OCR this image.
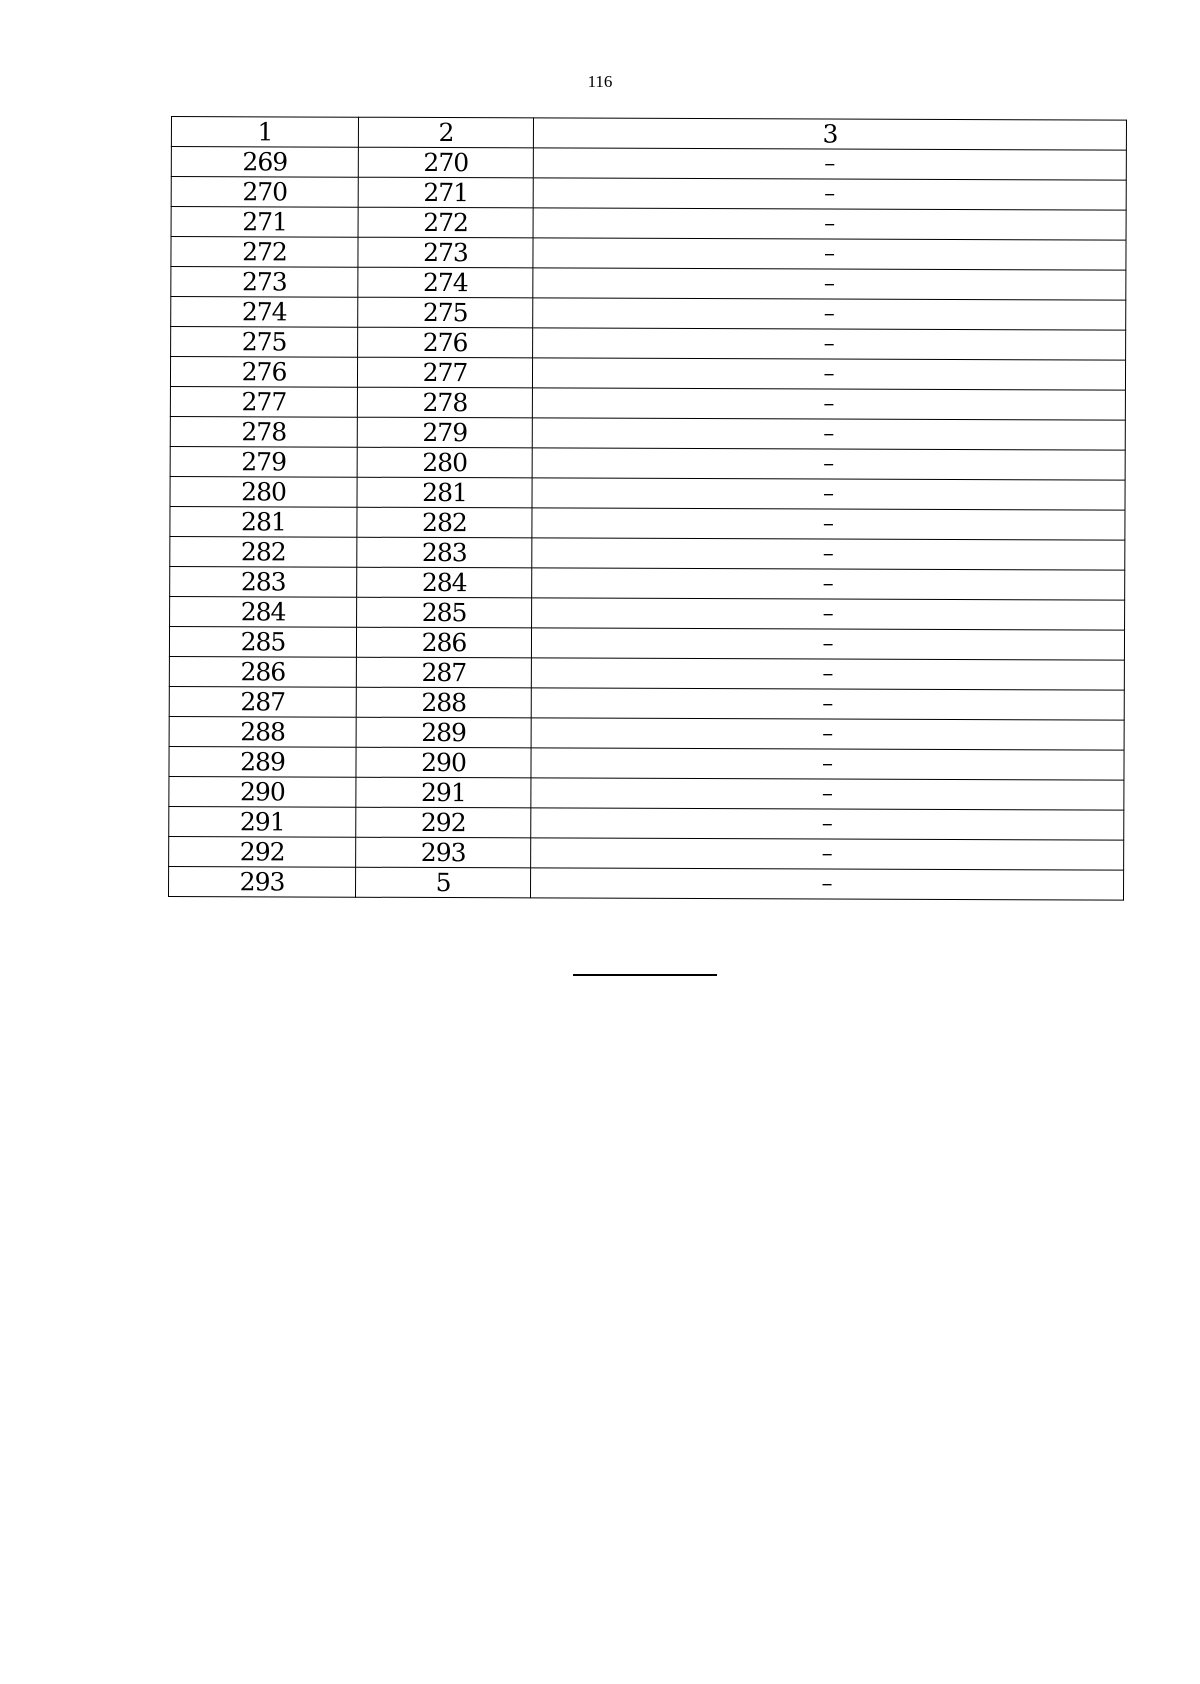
116
1	2	3
269	270	–
270	271	–
271	272	–
272	273	–
273	274	–
274	275	–
275	276	–
276	277	–
277	278	–
278	279	–
279	280	–
280	281	–
281	282	–
282	283	–
283	284	–
284	285	–
285	286	–
286	287	–
287	288	–
288	289	–
289	290	–
290	291	–
291	292	–
292	293	–
293	5	–
